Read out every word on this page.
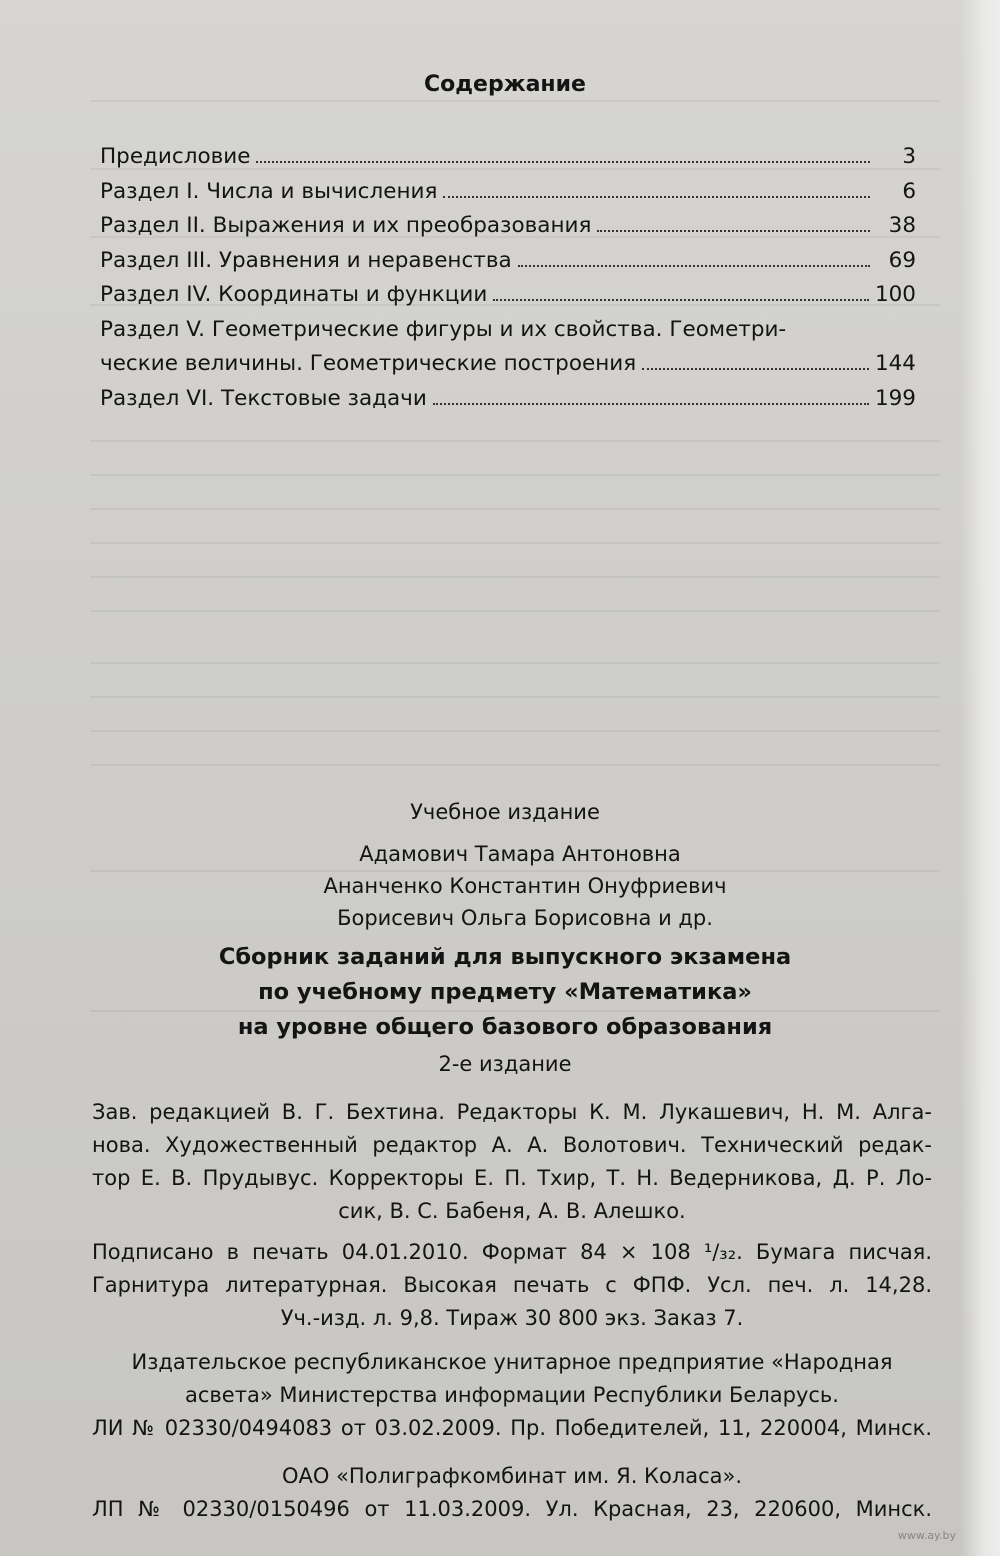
Содержание
Предисловие	3
Раздел I. Числа и вычисления	6
Раздел II. Выражения и их преобразования	38
Раздел III. Уравнения и неравенства	69
Раздел IV. Координаты и функции	100
Раздел V. Геометрические фигуры и их свойства. Геометри-
ческие величины. Геометрические построения	144
Раздел VI. Текстовые задачи	199
Учебное издание
Адамович Тамара Антоновна
Ананченко Константин Онуфриевич
Борисевич Ольга Борисовна и др.
Сборник заданий для выпускного экзамена
по учебному предмету «Математика»
на уровне общего базового образования
2-е издание
Зав. редакцией В. Г. Бехтина. Редакторы К. М. Лукашевич, Н. М. Алга-
нова. Художественный редактор А. А. Волотович. Технический редак-
тор Е. В. Прудывус. Корректоры Е. П. Тхир, Т. Н. Ведерникова, Д. Р. Ло-
сик, В. С. Бабеня, А. В. Алешко.
Подписано в печать 04.01.2010. Формат 84 × 108 ¹/₃₂. Бумага писчая.
Гарнитура литературная. Высокая печать с ФПФ. Усл. печ. л. 14,28.
Уч.-изд. л. 9,8. Тираж 30 800 экз. Заказ 7.
Издательское республиканское унитарное предприятие «Народная
асвета» Министерства информации Республики Беларусь.
ЛИ № 02330/0494083 от 03.02.2009. Пр. Победителей, 11, 220004, Минск.
ОАО «Полиграфкомбинат им. Я. Коласа».
ЛП № 02330/0150496 от 11.03.2009. Ул. Красная, 23, 220600, Минск.
www.ay.by
